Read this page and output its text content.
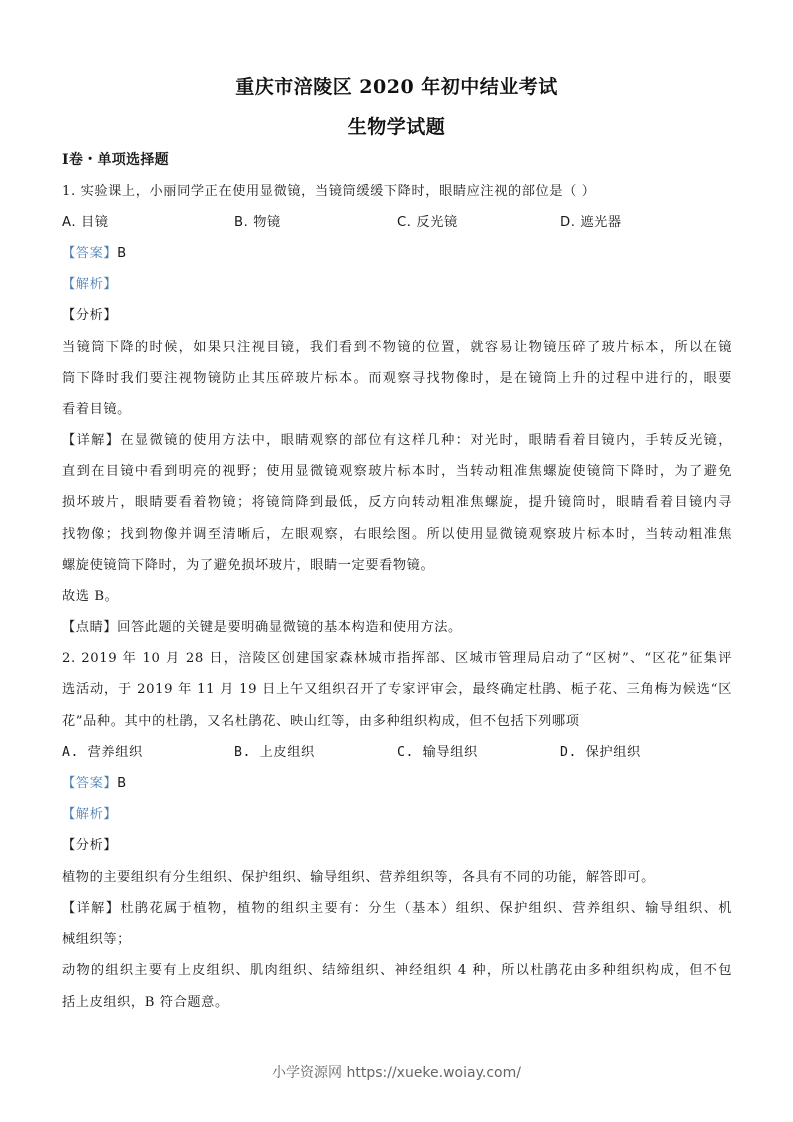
重庆市涪陵区 2020 年初中结业考试
生物学试题
Ⅰ卷・单项选择题
1. 实验课上，小丽同学正在使用显微镜，当镜筒缓缓下降时，眼睛应注视的部位是（ ）
A. 目镜	B. 物镜	C. 反光镜	D. 遮光器
【答案】B
【解析】
【分析】
当镜筒下降的时候，如果只注视目镜，我们看到不物镜的位置，就容易让物镜压碎了玻片标本，所以在镜
筒下降时我们要注视物镜防止其压碎玻片标本。而观察寻找物像时，是在镜筒上升的过程中进行的，眼要
看着目镜。
【详解】在显微镜的使用方法中，眼睛观察的部位有这样几种：对光时，眼睛看着目镜内，手转反光镜，
直到在目镜中看到明亮的视野；使用显微镜观察玻片标本时，当转动粗准焦螺旋使镜筒下降时，为了避免
损坏玻片，眼睛要看着物镜；将镜筒降到最低，反方向转动粗准焦螺旋，提升镜筒时，眼睛看着目镜内寻
找物像；找到物像并调至清晰后，左眼观察，右眼绘图。所以使用显微镜观察玻片标本时，当转动粗准焦
螺旋使镜筒下降时，为了避免损坏玻片，眼睛一定要看物镜。
故选 B。
【点睛】回答此题的关键是要明确显微镜的基本构造和使用方法。
2. 2019 年 10 月 28 日，涪陵区创建国家森林城市指挥部、区城市管理局启动了“区树”、“区花”征集评
选活动，于 2019 年 11 月 19 日上午又组织召开了专家评审会，最终确定杜鹃、栀子花、三角梅为候选“区
花”品种。其中的杜鹃，又名杜鹃花、映山红等，由多种组织构成，但不包括下列哪项
A. 营养组织	B. 上皮组织	C. 输导组织	D. 保护组织
【答案】B
【解析】
【分析】
植物的主要组织有分生组织、保护组织、输导组织、营养组织等，各具有不同的功能，解答即可。
【详解】杜鹃花属于植物，植物的组织主要有：分生（基本）组织、保护组织、营养组织、输导组织、机
械组织等；
动物的组织主要有上皮组织、肌肉组织、结缔组织、神经组织 4 种，所以杜鹃花由多种组织构成，但不包
括上皮组织，B 符合题意。
小学资源网 https://xueke.woiay.com/
